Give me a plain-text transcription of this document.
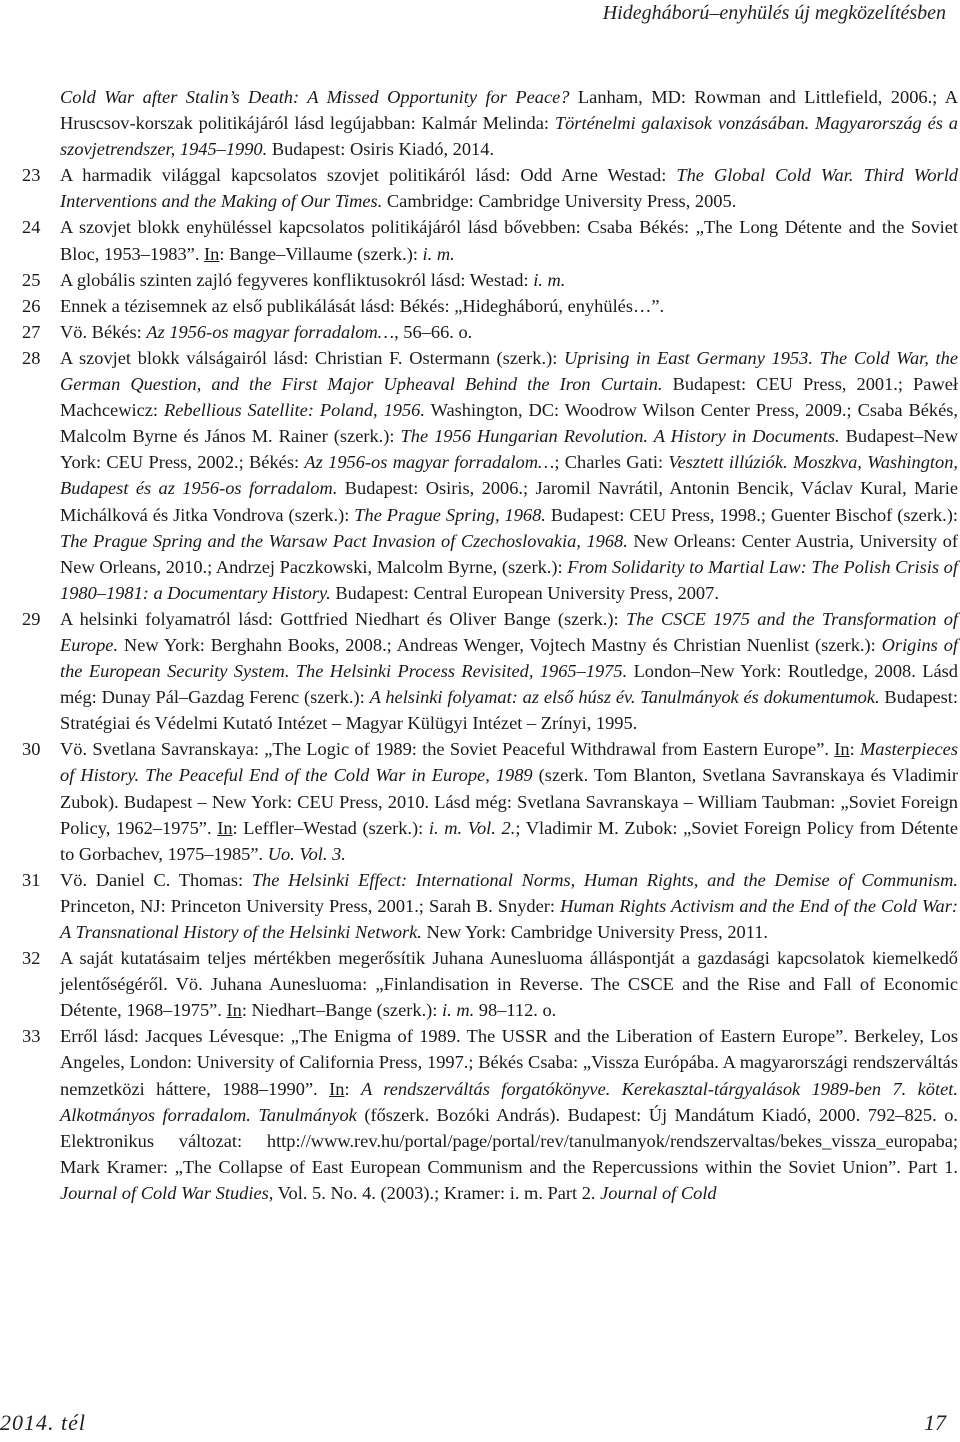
Hidegháború–enyhülés új megközelítésben
Cold War after Stalin’s Death: A Missed Opportunity for Peace? Lanham, MD: Rowman and Littlefield, 2006.; A Hruscsov-korszak politikájáról lásd legújabban: Kalmár Melinda: Történelmi galaxisok vonzásában. Magyarország és a szovjetrendszer, 1945–1990. Budapest: Osiris Kiadó, 2014.
23	A harmadik világgal kapcsolatos szovjet politikáról lásd: Odd Arne Westad: The Global Cold War. Third World Interventions and the Making of Our Times. Cambridge: Cambridge University Press, 2005.
24	A szovjet blokk enyhüléssel kapcsolatos politikájáról lásd bővebben: Csaba Békés: „The Long Détente and the Soviet Bloc, 1953–1983”. In: Bange–Villaume (szerk.): i. m.
25	A globális szinten zajló fegyveres konfliktusokról lásd: Westad: i. m.
26	Ennek a tézisemnek az első publikálását lásd: Békés: „Hidegháború, enyhülés…”.
27	Vö. Békés: Az 1956-os magyar forradalom…, 56–66. o.
28	A szovjet blokk válságairól lásd: Christian F. Ostermann (szerk.): Uprising in East Germany 1953. The Cold War, the German Question, and the First Major Upheaval Behind the Iron Curtain. Budapest: CEU Press, 2001.; Paweł Machcewicz: Rebellious Satellite: Poland, 1956. Washington, DC: Woodrow Wilson Center Press, 2009.; Csaba Békés, Malcolm Byrne és János M. Rainer (szerk.): The 1956 Hungarian Revolution. A History in Documents. Budapest–New York: CEU Press, 2002.; Békés: Az 1956-os magyar forradalom…; Charles Gati: Vesztett illúziók. Moszkva, Washington, Budapest és az 1956-os forradalom. Budapest: Osiris, 2006.; Jaromil Navrátil, Antonin Bencik, Václav Kural, Marie Michálková és Jitka Vondrova (szerk.): The Prague Spring, 1968. Budapest: CEU Press, 1998.; Guenter Bischof (szerk.): The Prague Spring and the Warsaw Pact Invasion of Czechoslovakia, 1968. New Orleans: Center Austria, University of New Orleans, 2010.; Andrzej Paczkowski, Malcolm Byrne, (szerk.): From Solidarity to Martial Law: The Polish Crisis of 1980–1981: a Documentary History. Budapest: Central European University Press, 2007.
29	A helsinki folyamatról lásd: Gottfried Niedhart és Oliver Bange (szerk.): The CSCE 1975 and the Transformation of Europe. New York: Berghahn Books, 2008.; Andreas Wenger, Vojtech Mastny és Christian Nuenlist (szerk.): Origins of the European Security System. The Helsinki Process Revisited, 1965–1975. London–New York: Routledge, 2008. Lásd még: Dunay Pál–Gazdag Ferenc (szerk.): A helsinki folyamat: az első húsz év. Tanulmányok és dokumentumok. Budapest: Stratégiai és Védelmi Kutató Intézet – Magyar Külügyi Intézet – Zrínyi, 1995.
30	Vö. Svetlana Savranskaya: „The Logic of 1989: the Soviet Peaceful Withdrawal from Eastern Europe”. In: Masterpieces of History. The Peaceful End of the Cold War in Europe, 1989 (szerk. Tom Blanton, Svetlana Savranskaya és Vladimir Zubok). Budapest – New York: CEU Press, 2010. Lásd még: Svetlana Savranskaya – William Taubman: „Soviet Foreign Policy, 1962–1975”. In: Leffler–Westad (szerk.): i. m. Vol. 2.; Vladimir M. Zubok: „Soviet Foreign Policy from Détente to Gorbachev, 1975–1985”. Uo. Vol. 3.
31	Vö. Daniel C. Thomas: The Helsinki Effect: International Norms, Human Rights, and the Demise of Communism. Princeton, NJ: Princeton University Press, 2001.; Sarah B. Snyder: Human Rights Activism and the End of the Cold War: A Transnational History of the Helsinki Network. New York: Cambridge University Press, 2011.
32	A saját kutatásaim teljes mértékben megerősítik Juhana Aunesluoma álláspontját a gazdasági kapcsolatok kiemelkedő jelentőségéről. Vö. Juhana Aunesluoma: „Finlandisation in Reverse. The CSCE and the Rise and Fall of Economic Détente, 1968–1975”. In: Niedhart–Bange (szerk.): i. m. 98–112. o.
33	Erről lásd: Jacques Lévesque: „The Enigma of 1989. The USSR and the Liberation of Eastern Europe”. Berkeley, Los Angeles, London: University of California Press, 1997.; Békés Csaba: „Vissza Európába. A magyarországi rendszerváltás nemzetközi háttere, 1988–1990”. In: A rendszerváltás forgatókönyve. Kerekasztal-tárgyalások 1989-ben 7. kötet. Alkotmányos forradalom. Tanulmányok (főszerk. Bozóki András). Budapest: Új Mandátum Kiadó, 2000. 792–825. o. Elektronikus változat: http://www.rev.hu/portal/page/portal/rev/tanulmanyok/rendszervaltas/bekes_vissza_europaba; Mark Kramer: „The Collapse of East European Communism and the Repercussions within the Soviet Union”. Part 1. Journal of Cold War Studies, Vol. 5. No. 4. (2003).; Kramer: i. m. Part 2. Journal of Cold
2014. tél	17
